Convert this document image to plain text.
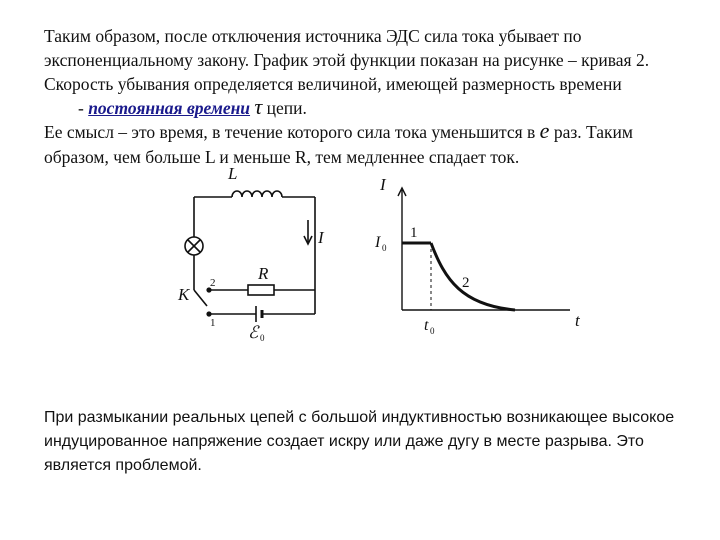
Таким образом, после отключения источника ЭДС сила тока убывает по экспоненциальному закону. График этой функции показан на рисунке – кривая 2. Скорость убывания определяется величиной, имеющей размерность времени
- постоянная времени τ цепи.

Ее смысл – это время, в течение которого сила тока уменьшится в e раз. Таким образом, чем больше L и меньше R, тем медленнее спадает ток.

L
I
R
K
ℰ
2
1
0
I
t
I 0
t 0
1
2

При размыкании реальных цепей с большой индуктивностью возникающее высокое индуцированное напряжение создает искру или даже дугу в месте разрыва. Это является проблемой.
